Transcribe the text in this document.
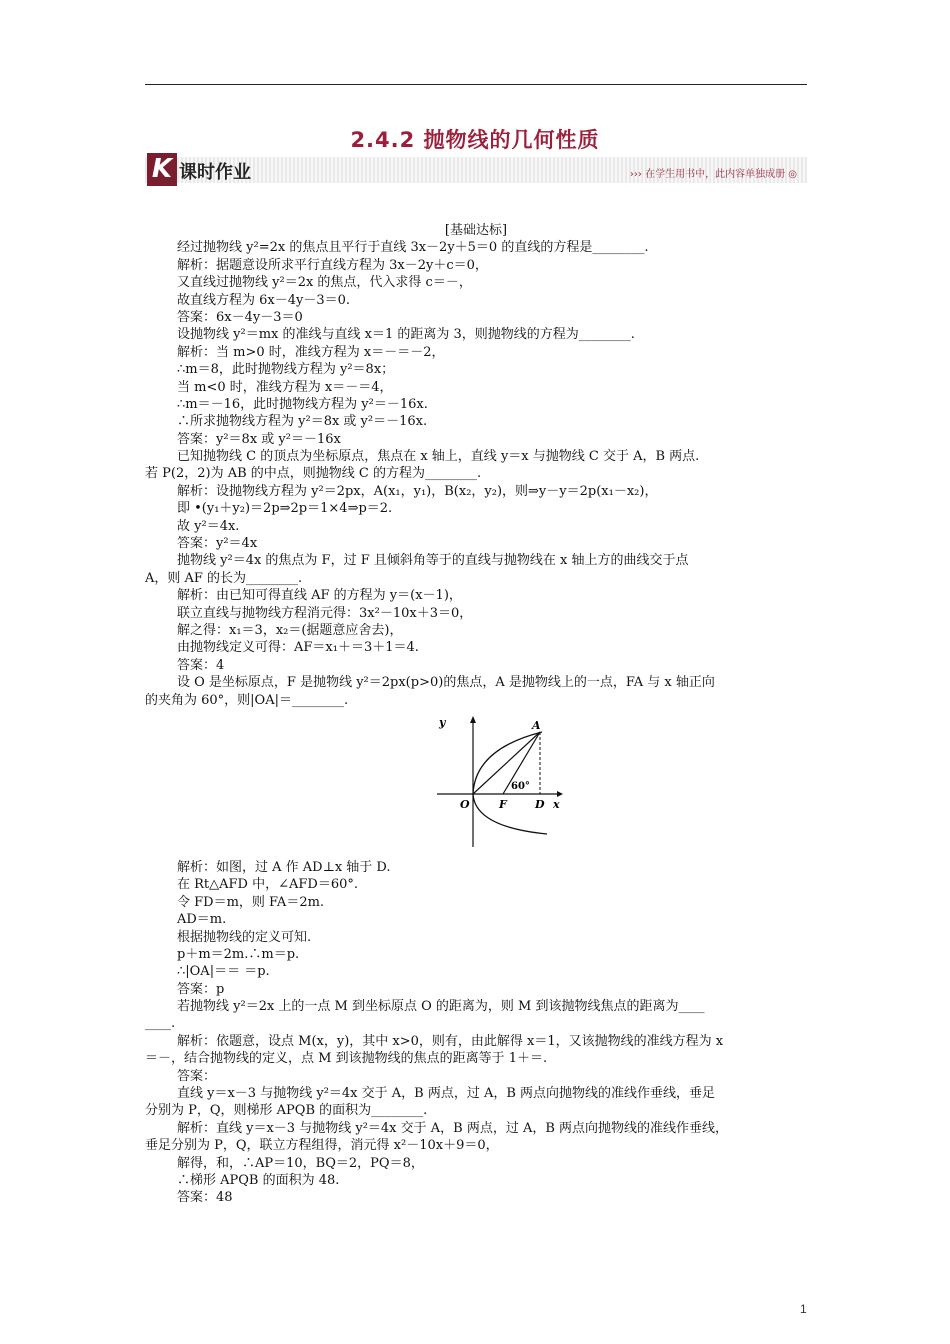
2.4.2 抛物线的几何性质
K 课时作业	››› 在学生用书中，此内容单独成册 ◎
[基础达标]
经过抛物线 y²=2x 的焦点且平行于直线 3x－2y＋5＝0 的直线的方程是________.
解析：据题意设所求平行直线方程为 3x－2y＋c＝0，
又直线过抛物线 y²＝2x 的焦点，代入求得 c＝－，
故直线方程为 6x－4y－3＝0.
答案：6x－4y－3＝0
设抛物线 y²＝mx 的准线与直线 x＝1 的距离为 3，则抛物线的方程为________.
解析：当 m>0 时，准线方程为 x＝－＝－2，
∴m＝8，此时抛物线方程为 y²＝8x；
当 m<0 时，准线方程为 x＝－＝4，
∴m＝－16，此时抛物线方程为 y²＝－16x.
∴所求抛物线方程为 y²＝8x 或 y²＝－16x.
答案：y²＝8x 或 y²＝－16x
已知抛物线 C 的顶点为坐标原点，焦点在 x 轴上，直线 y＝x 与抛物线 C 交于 A，B 两点.
若 P(2，2)为 AB 的中点，则抛物线 C 的方程为________.
解析：设抛物线方程为 y²＝2px，A(x₁，y₁)，B(x₂，y₂)，则⇒y－y＝2p(x₁－x₂)，
即 •(y₁＋y₂)＝2p⇒2p＝1×4⇒p＝2.
故 y²＝4x.
答案：y²＝4x
抛物线 y²＝4x 的焦点为 F，过 F 且倾斜角等于的直线与抛物线在 x 轴上方的曲线交于点
A，则 AF 的长为________.
解析：由已知可得直线 AF 的方程为 y＝(x－1)，
联立直线与抛物线方程消元得：3x²－10x＋3＝0，
解之得：x₁＝3，x₂＝(据题意应舍去)，
由抛物线定义可得：AF＝x₁＋＝3＋1＝4.
答案：4
设 O 是坐标原点，F 是抛物线 y²＝2px(p>0)的焦点，A 是抛物线上的一点，FA 与 x 轴正向
的夹角为 60°，则|OA|＝________.
y
x
O	F	D
A
60°
解析：如图，过 A 作 AD⊥x 轴于 D.
在 Rt△AFD 中，∠AFD＝60°.
令 FD＝m，则 FA＝2m.
AD＝m.
根据抛物线的定义可知.
p＋m＝2m.∴m＝p.
∴|OA|＝＝ ＝p.
答案：p
若抛物线 y²＝2x 上的一点 M 到坐标原点 O 的距离为，则 M 到该抛物线焦点的距离为____
____.
解析：依题意，设点 M(x，y)，其中 x>0，则有，由此解得 x＝1，又该抛物线的准线方程为 x
＝－，结合抛物线的定义，点 M 到该抛物线的焦点的距离等于 1＋＝.
答案：
直线 y＝x－3 与抛物线 y²＝4x 交于 A，B 两点，过 A，B 两点向抛物线的准线作垂线，垂足
分别为 P，Q，则梯形 APQB 的面积为________.
解析：直线 y＝x－3 与抛物线 y²＝4x 交于 A，B 两点，过 A，B 两点向抛物线的准线作垂线，
垂足分别为 P，Q，联立方程组得，消元得 x²－10x＋9＝0，
解得，和，∴AP＝10，BQ＝2，PQ＝8，
∴梯形 APQB 的面积为 48.
答案：48
1
